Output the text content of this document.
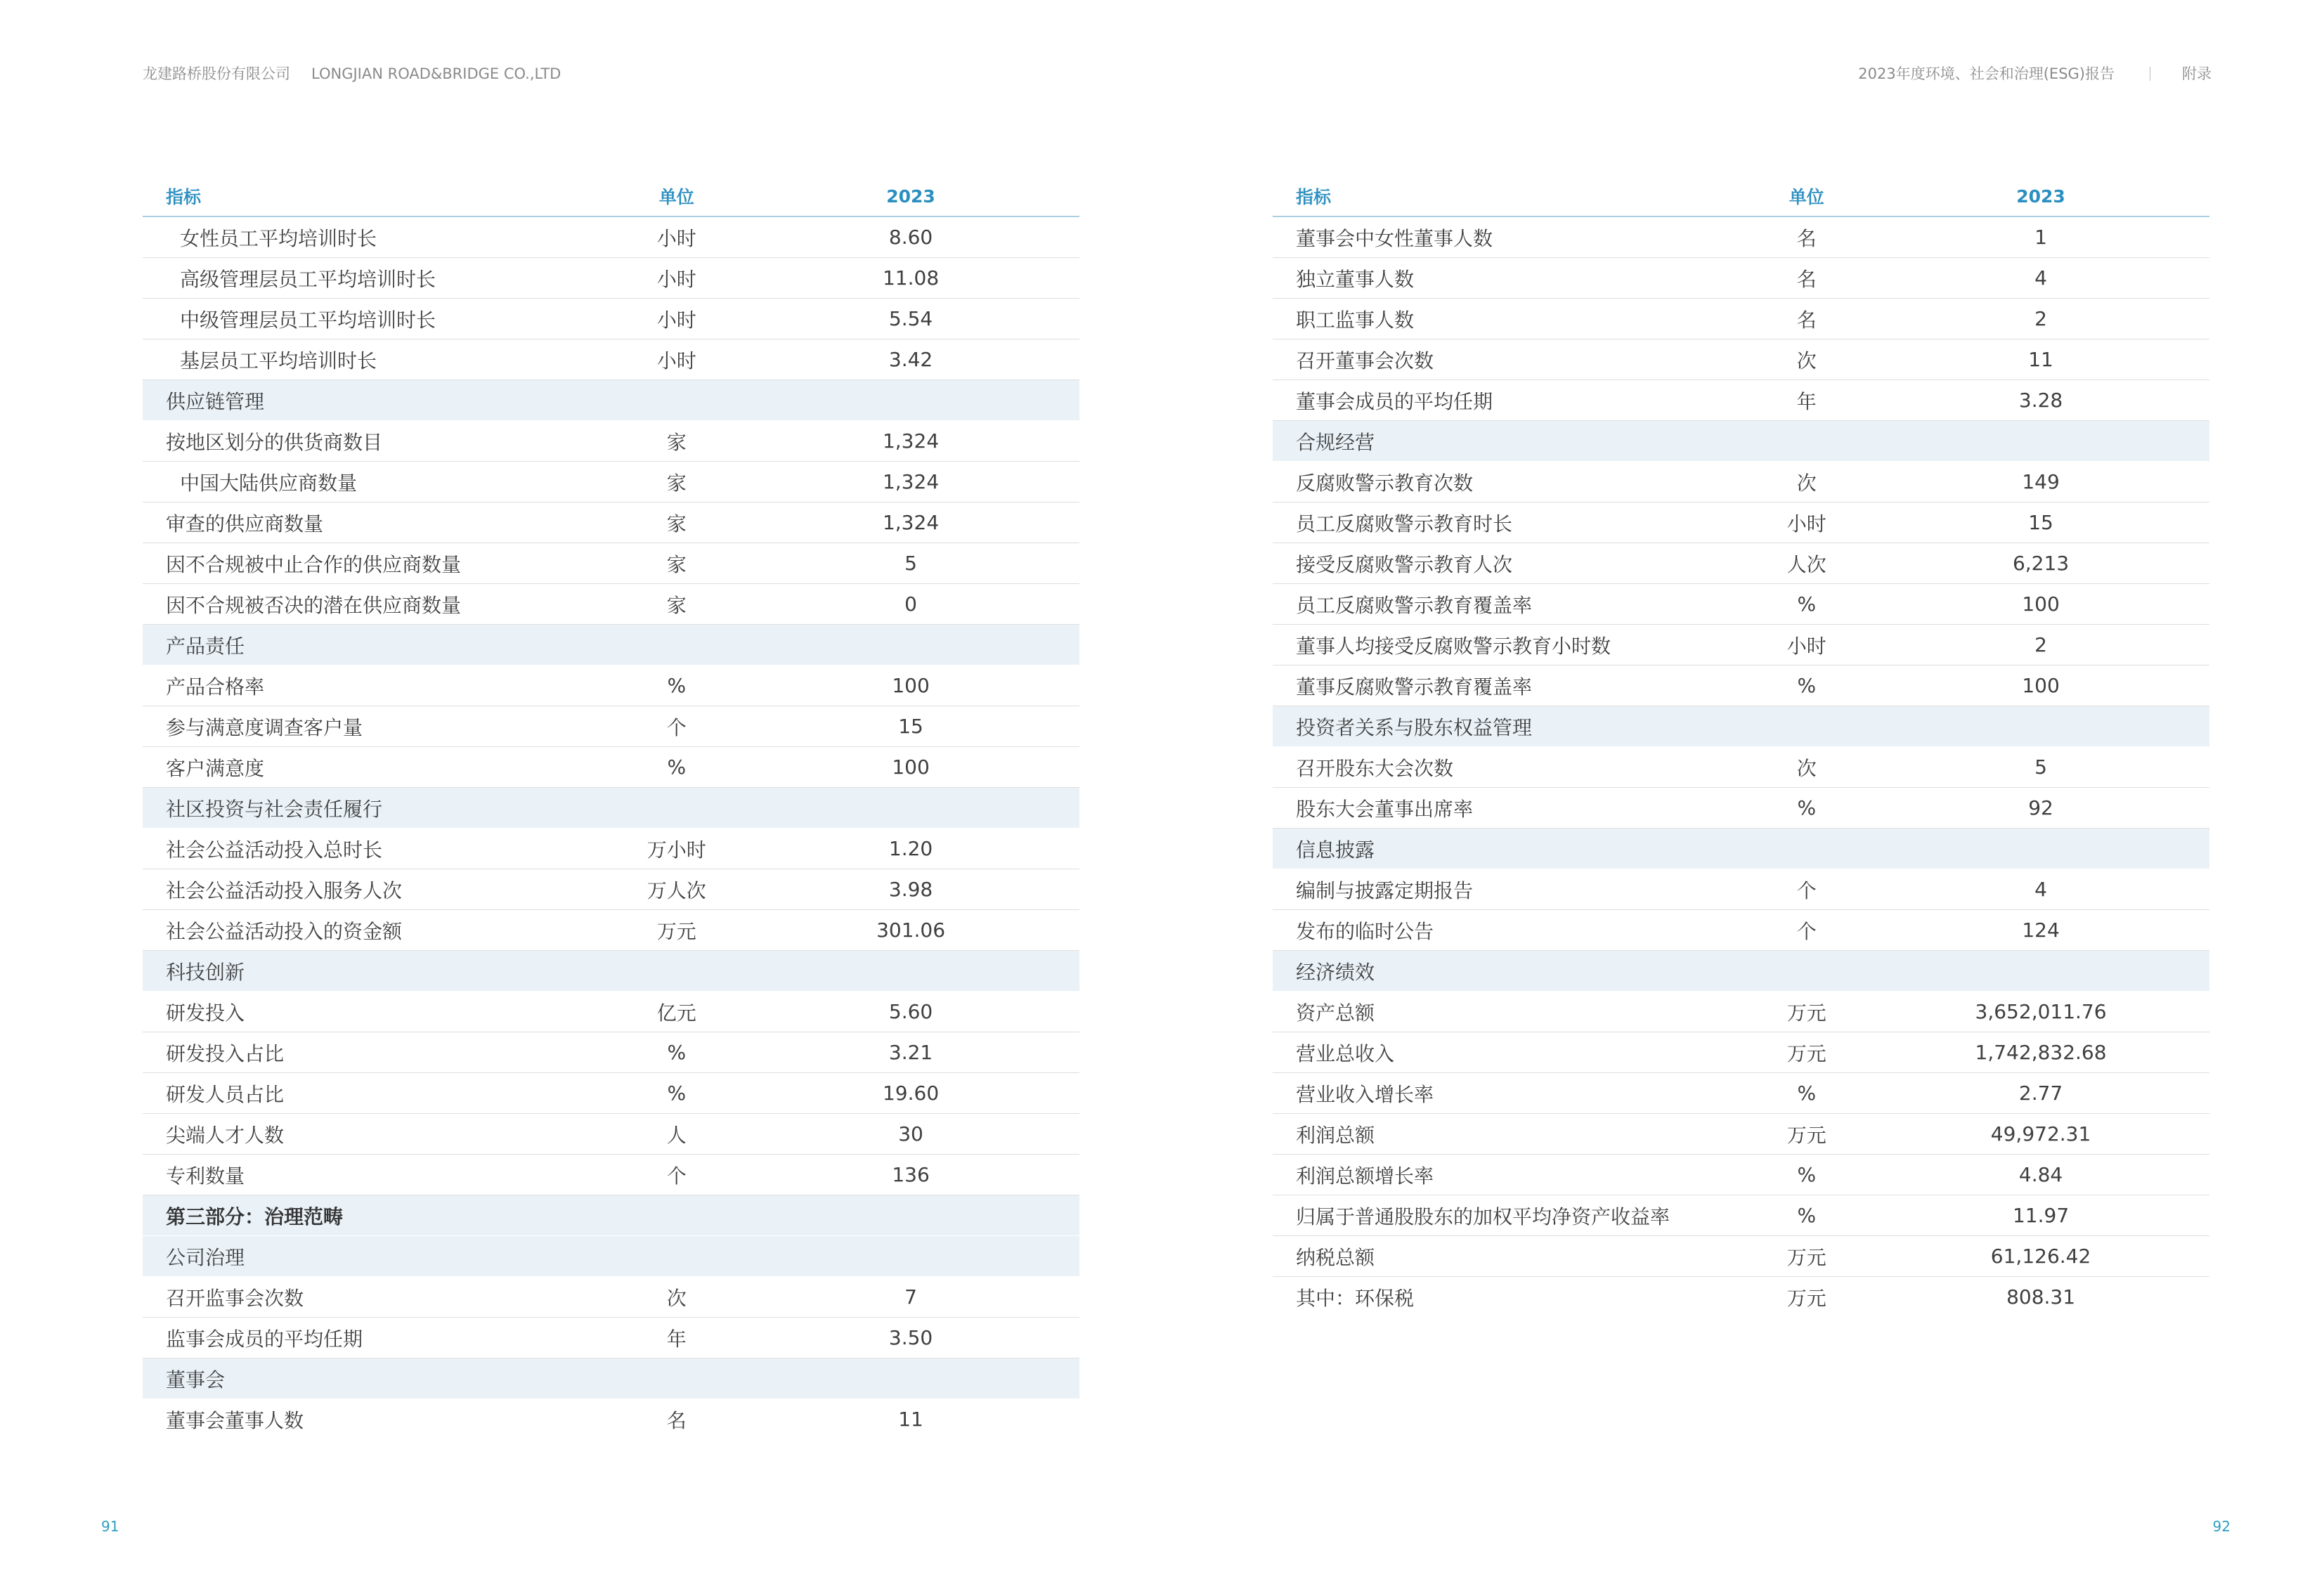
龙建路桥股份有限公司 LONGJIAN ROAD&BRIDGE CO.,LTD	2023年度环境、社会和治理(ESG)报告	附录
指标	单位	2023
女性员工平均培训时长	小时	8.60
高级管理层员工平均培训时长	小时	11.08
中级管理层员工平均培训时长	小时	5.54
基层员工平均培训时长	小时	3.42
供应链管理		
按地区划分的供货商数目	家	1,324
中国大陆供应商数量	家	1,324
审查的供应商数量	家	1,324
因不合规被中止合作的供应商数量	家	5
因不合规被否决的潜在供应商数量	家	0
产品责任		
产品合格率	%	100
参与满意度调查客户量	个	15
客户满意度	%	100
社区投资与社会责任履行		
社会公益活动投入总时长	万小时	1.20
社会公益活动投入服务人次	万人次	3.98
社会公益活动投入的资金额	万元	301.06
科技创新		
研发投入	亿元	5.60
研发投入占比	%	3.21
研发人员占比	%	19.60
尖端人才人数	人	30
专利数量	个	136
第三部分：治理范畴		
公司治理		
召开监事会次数	次	7
监事会成员的平均任期	年	3.50
董事会		
董事会董事人数	名	11
指标	单位	2023
董事会中女性董事人数	名	1
独立董事人数	名	4
职工监事人数	名	2
召开董事会次数	次	11
董事会成员的平均任期	年	3.28
合规经营		
反腐败警示教育次数	次	149
员工反腐败警示教育时长	小时	15
接受反腐败警示教育人次	人次	6,213
员工反腐败警示教育覆盖率	%	100
董事人均接受反腐败警示教育小时数	小时	2
董事反腐败警示教育覆盖率	%	100
投资者关系与股东权益管理		
召开股东大会次数	次	5
股东大会董事出席率	%	92
信息披露		
编制与披露定期报告	个	4
发布的临时公告	个	124
经济绩效		
资产总额	万元	3,652,011.76
营业总收入	万元	1,742,832.68
营业收入增长率	%	2.77
利润总额	万元	49,972.31
利润总额增长率	%	4.84
归属于普通股股东的加权平均净资产收益率	%	11.97
纳税总额	万元	61,126.42
其中：环保税	万元	808.31
91	92
